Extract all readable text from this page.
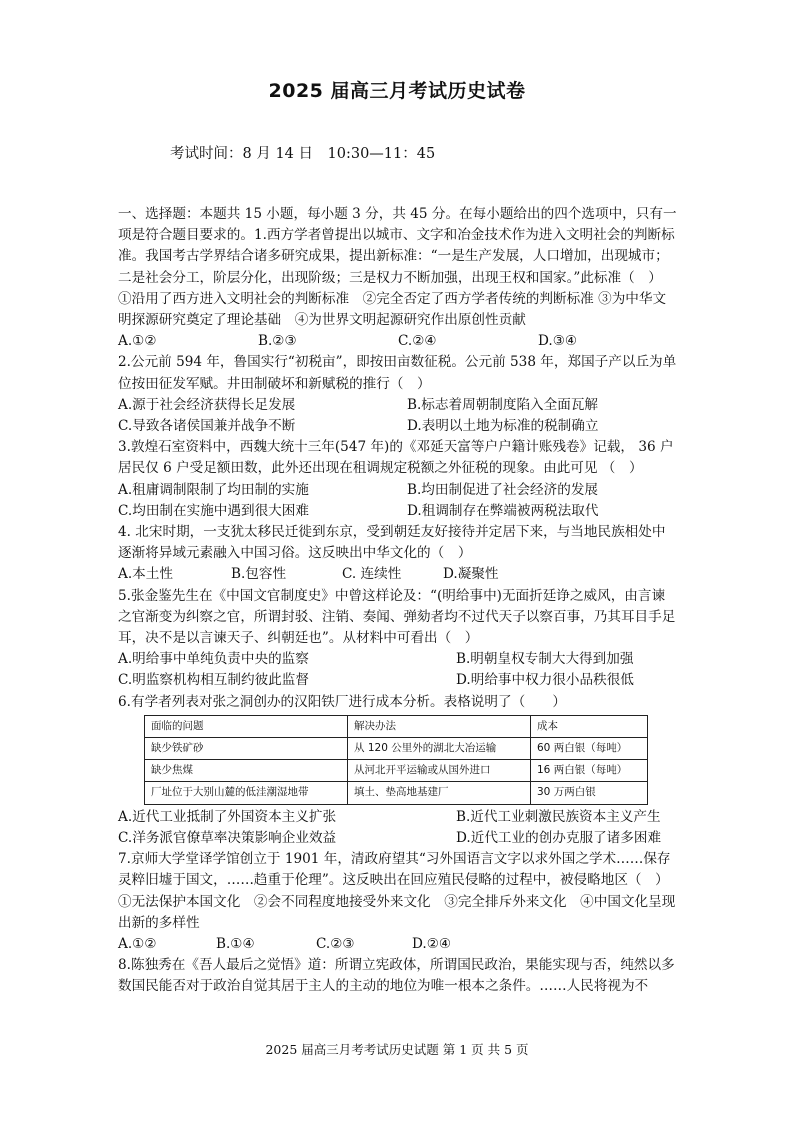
2025 届高三月考试历史试卷
考试时间：8 月 14 日　10:30—11：45

一、选择题：本题共 15 小题，每小题 3 分，共 45 分。在每小题给出的四个选项中，只有一项是符合题目要求的。1.西方学者曾提出以城市、文字和冶金技术作为进入文明社会的判断标准。我国考古学界结合诸多研究成果，提出新标准：“一是生产发展，人口增加，出现城市；二是社会分工，阶层分化，出现阶级；三是权力不断加强，出现王权和国家。”此标准（　）

①沿用了西方进入文明社会的判断标准　②完全否定了西方学者传统的判断标准 ③为中华文明探源研究奠定了理论基础　④为世界文明起源研究作出原创性贡献

A.①②	B.②③	C.②④	D.③④

2.公元前 594 年，鲁国实行“初税亩”，即按田亩数征税。公元前 538 年，郑国子产以丘为单位按田征发军赋。井田制破坏和新赋税的推行（　）

A.源于社会经济获得长足发展	B.标志着周朝制度陷入全面瓦解
C.导致各诸侯国兼并战争不断	D.表明以土地为标准的税制确立

3.敦煌石室资料中，西魏大统十三年(547 年)的《邓延天富等户户籍计账残卷》记载， 36 户居民仅 6 户受足额田数，此外还出现在租调规定税额之外征税的现象。由此可见 （　）

A.租庸调制限制了均田制的实施	B.均田制促进了社会经济的发展
C.均田制在实施中遇到很大困难	D.租调制存在弊端被两税法取代

4. 北宋时期，一支犹太移民迁徙到东京，受到朝廷友好接待并定居下来，与当地民族相处中逐渐将异域元素融入中国习俗。这反映出中华文化的（　）

A.本土性	B.包容性	C. 连续性	D.凝聚性

5.张金鉴先生在《中国文官制度史》中曾这样论及：“(明给事中)无面折廷诤之威风，由言谏之官渐变为纠察之官，所谓封驳、注销、奏闻、弹劾者均不过代天子以察百事，乃其耳目手足耳，决不是以言谏天子、纠朝廷也”。从材料中可看出（　）

A.明给事中单纯负责中央的监察	B.明朝皇权专制大大得到加强
C.明监察机构相互制约彼此监督	D.明给事中权力很小品秩很低

6.有学者列表对张之洞创办的汉阳铁厂进行成本分析。表格说明了（　　）

面临的问题	解决办法	成本
缺少铁矿砂	从 120 公里外的湖北大冶运输	60 两白银（每吨）
缺少焦煤	从河北开平运输或从国外进口	16 两白银（每吨）
厂址位于大别山麓的低洼潮湿地带	填土、垫高地基建厂	30 万两白银
A.近代工业抵制了外国资本主义扩张	B.近代工业刺激民族资本主义产生
C.洋务派官僚草率决策影响企业效益	D.近代工业的创办克服了诸多困难

7.京师大学堂译学馆创立于 1901 年，清政府望其“习外国语言文字以求外国之学术……保存灵粹旧墟于国文，……趋重于伦理”。这反映出在回应殖民侵略的过程中，被侵略地区（　）

①无法保护本国文化　②会不同程度地接受外来文化　③完全排斥外来文化　④中国文化呈现出新的多样性

A.①②	B.①④	C.②③	D.②④

8.陈独秀在《吾人最后之觉悟》道：所谓立宪政体，所谓国民政治，果能实现与否，纯然以多数国民能否对于政治自觉其居于主人的主动的地位为唯一根本之条件。……人民将视为不

2025 届高三月考考试历史试题 第 1 页 共 5 页
